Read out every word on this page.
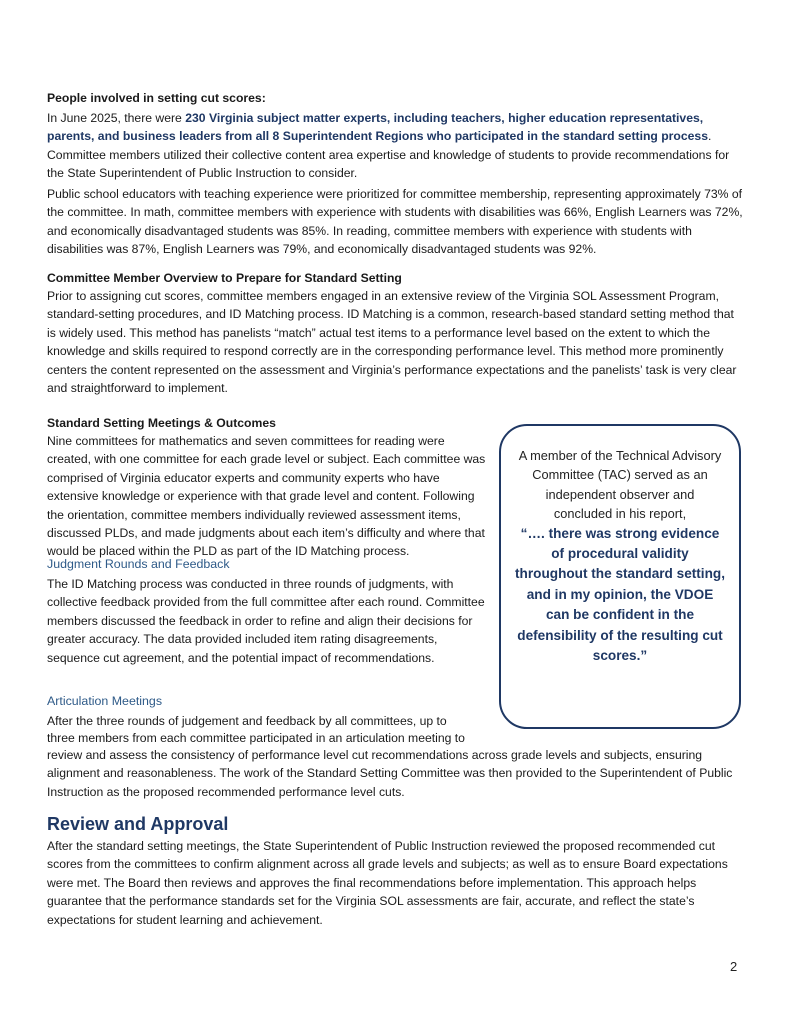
People involved in setting cut scores:

In June 2025, there were 230 Virginia subject matter experts, including teachers, higher education representatives, parents, and business leaders from all 8 Superintendent Regions who participated in the standard setting process. Committee members utilized their collective content area expertise and knowledge of students to provide recommendations for the State Superintendent of Public Instruction to consider.

Public school educators with teaching experience were prioritized for committee membership, representing approximately 73% of the committee. In math, committee members with experience with students with disabilities was 66%, English Learners was 72%, and economically disadvantaged students was 85%. In reading, committee members with experience with students with disabilities was 87%, English Learners was 79%, and economically disadvantaged students was 92%.

Committee Member Overview to Prepare for Standard Setting

Prior to assigning cut scores, committee members engaged in an extensive review of the Virginia SOL Assessment Program, standard-setting procedures, and ID Matching process. ID Matching is a common, research-based standard setting method that is widely used. This method has panelists “match” actual test items to a performance level based on the extent to which the knowledge and skills required to respond correctly are in the corresponding performance level. This method more prominently centers the content represented on the assessment and Virginia’s performance expectations and the panelists’ task is very clear and straightforward to implement.

Standard Setting Meetings & Outcomes

Nine committees for mathematics and seven committees for reading were created, with one committee for each grade level or subject. Each committee was comprised of Virginia educator experts and community experts who have extensive knowledge or experience with that grade level and content. Following the orientation, committee members individually reviewed assessment items, discussed PLDs, and made judgments about each item’s difficulty and where that would be placed within the PLD as part of the ID Matching process.

Judgment Rounds and Feedback

The ID Matching process was conducted in three rounds of judgments, with collective feedback provided from the full committee after each round. Committee members discussed the feedback in order to refine and align their decisions for greater accuracy. The data provided included item rating disagreements, sequence cut agreement, and the potential impact of recommendations.

Articulation Meetings
After the three rounds of judgement and feedback by all committees, up to
three members from each committee participated in an articulation meeting to

review and assess the consistency of performance level cut recommendations across grade levels and subjects, ensuring alignment and reasonableness. The work of the Standard Setting Committee was then provided to the Superintendent of Public Instruction as the proposed recommended performance level cuts.

A member of the Technical Advisory Committee (TAC) served as an independent observer and concluded in his report,
“…. there was strong evidence of procedural validity throughout the standard setting, and in my opinion, the VDOE can be confident in the defensibility of the resulting cut scores.”
Review and Approval

After the standard setting meetings, the State Superintendent of Public Instruction reviewed the proposed recommended cut scores from the committees to confirm alignment across all grade levels and subjects; as well as to ensure Board expectations were met. The Board then reviews and approves the final recommendations before implementation. This approach helps guarantee that the performance standards set for the Virginia SOL assessments are fair, accurate, and reflect the state’s expectations for student learning and achievement.

2
